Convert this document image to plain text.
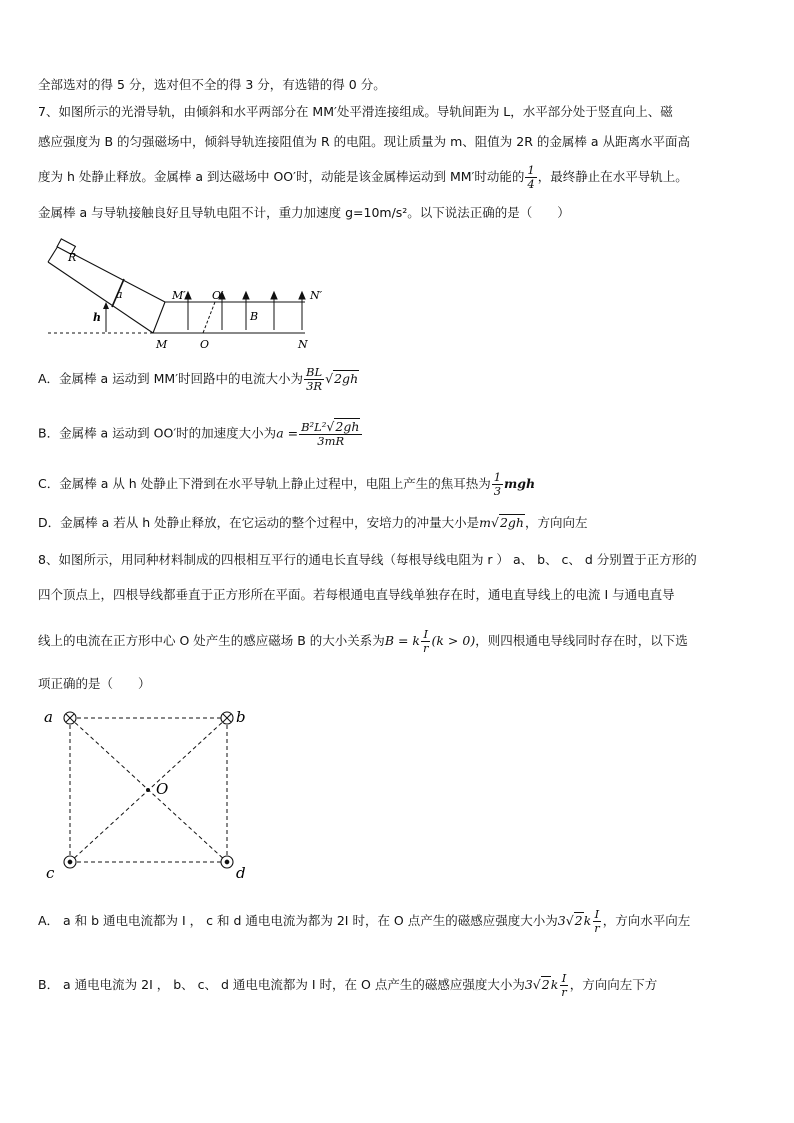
全部选对的得 5 分，选对但不全的得 3 分，有选错的得 0 分。
7、如图所示的光滑导轨，由倾斜和水平两部分在 MM′处平滑连接组成。导轨间距为 L，水平部分处于竖直向上、磁
感应强度为 B 的匀强磁场中，倾斜导轨连接阻值为 R 的电阻。现让质量为 m、阻值为 2R 的金属棒 a 从距离水平面高
度为 h 处静止释放。金属棒 a 到达磁场中 OO′时，动能是该金属棒运动到 MM′时动能的 $\frac{1}{4}$ ，最终静止在水平导轨上。
金属棒 a 与导轨接触良好且导轨电阻不计，重力加速度 g=10m/s²。以下说法正确的是（　　）
R
a
h
M′ O′	N′
B
M	O	N
A．金属棒 a 运动到 MM′时回路中的电流大小为 $\frac{BL}{3R} √2gh$
B．金属棒 a 运动到 OO′时的加速度大小为$a = \frac{\text{B²L²√2gh}}{3mR}$
C．金属棒 a 从 h 处静止下滑到在水平导轨上静止过程中，电阻上产生的焦耳热为 $\frac{1}{3}$ mgh
D．金属棒 a 若从 h 处静止释放，在它运动的整个过程中，安培力的冲量大小是m√2gh，方向向左
8、如图所示，用同种材料制成的四根相互平行的通电长直导线（每根导线电阻为 r ） a、 b、 c、 d 分别置于正方形的
四个顶点上，四根导线都垂直于正方形所在平面。若每根通电直导线单独存在时，通电直导线上的电流 I 与通电直导
线上的电流在正方形中心 O 处产生的感应磁场 B 的大小关系为B = k $\frac{I}{r} (k > 0)$，则四根通电导线同时存在时，以下选
项正确的是（　　）
a	b
c	d
O
A． a 和 b 通电电流都为 I ， c 和 d 通电电流为都为 2I 时，在 O 点产生的磁感应强度大小为$3√2k \frac{I}{r}$ ，方向水平向左
B． a 通电电流为 2I ， b、 c、 d 通电电流都为 I 时，在 O 点产生的磁感应强度大小为$3√2k \frac{I}{r}$ ，方向向左下方
